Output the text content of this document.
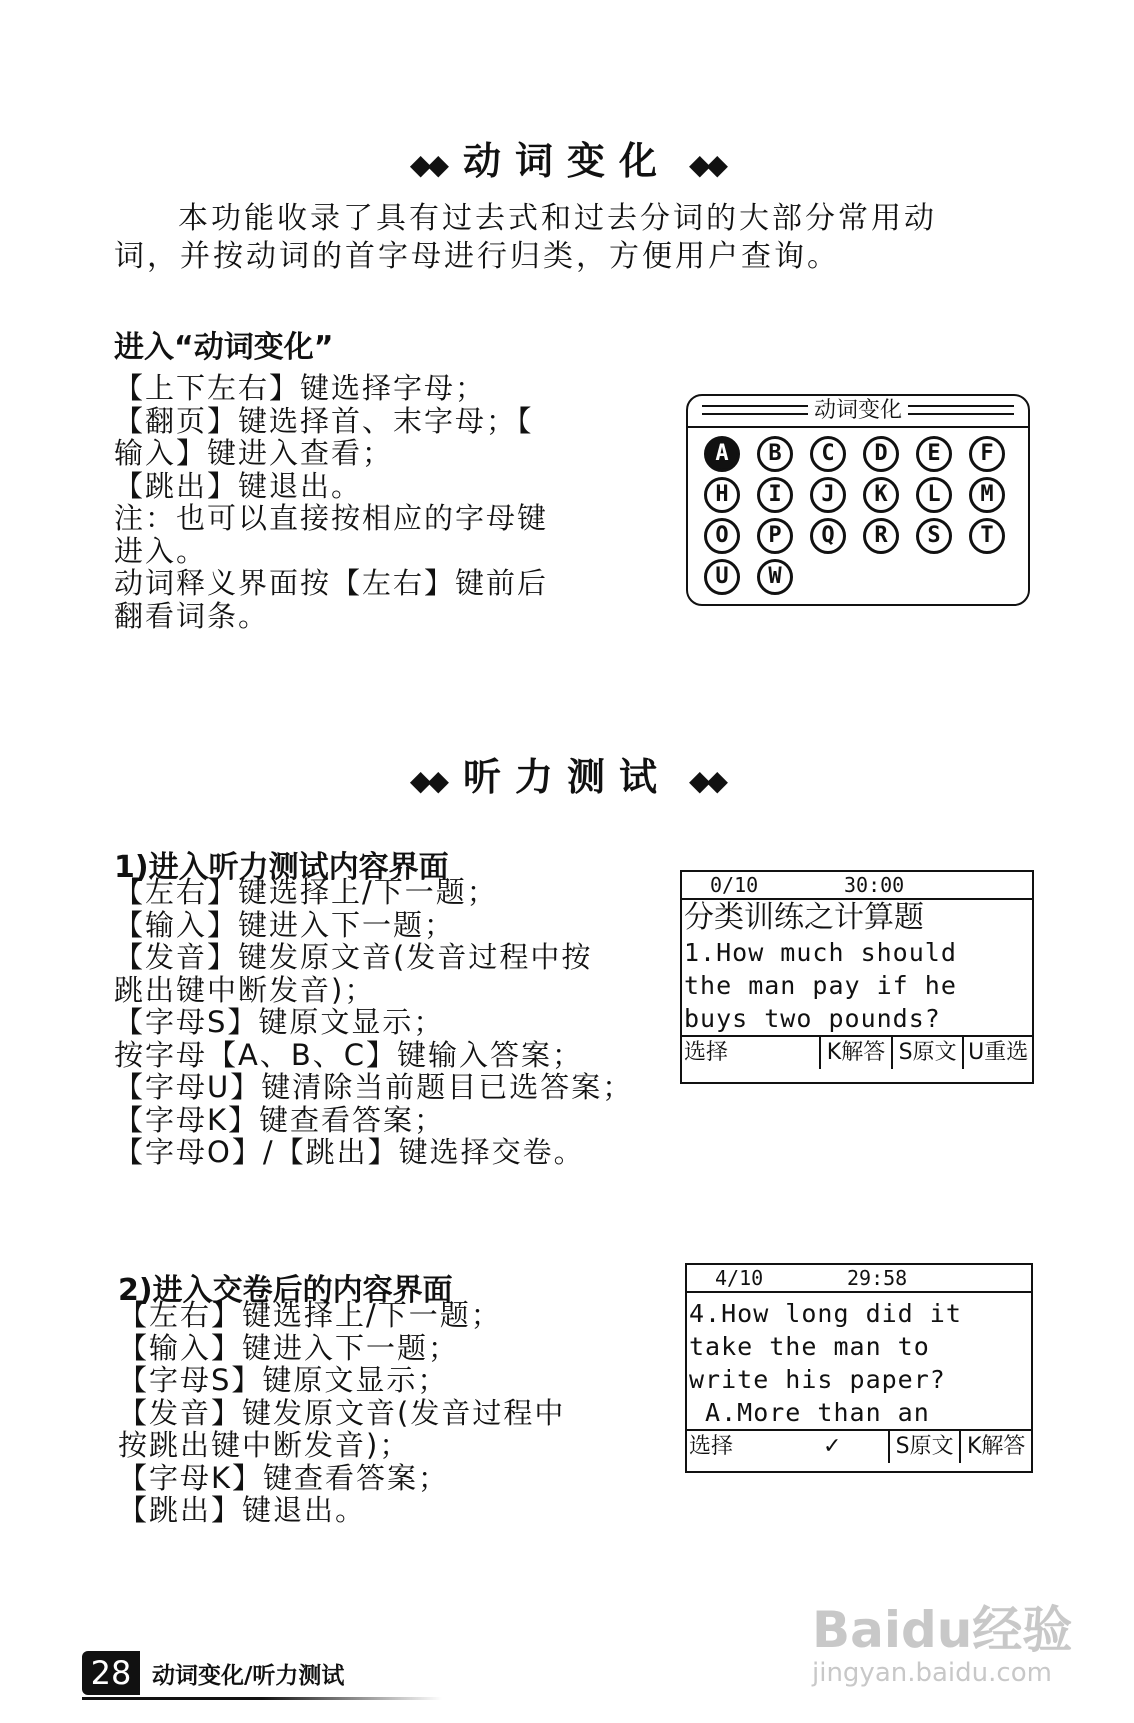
◆◆ 动词变化 ◆◆
本功能收录了具有过去式和过去分词的大部分常用动
词，并按动词的首字母进行归类，方便用户查询。
进入“动词变化”
【上下左右】键选择字母；
【翻页】键选择首、末字母；【
输入】键进入查看；
【跳出】键退出。
注：也可以直接按相应的字母键
进入。
动词释义界面按【左右】键前后
翻看词条。
动词变化
A	B	C	D	E	F
H	I	J	K	L	M
O	P	Q	R	S	T
U	W
◆◆ 听力测试 ◆◆
1)进入听力测试内容界面
【左右】键选择上/下一题；
【输入】键进入下一题；
【发音】键发原文音(发音过程中按
跳出键中断发音)；
【字母S】键原文显示；
按字母【A、B、C】键输入答案；
【字母U】键清除当前题目已选答案；
【字母K】键查看答案；
【字母O】/【跳出】键选择交卷。
0/10	30:00
分类训练之计算题
1.How much should
the man pay if he
buys two pounds?
选择	K解答 S原文 U重选
2)进入交卷后的内容界面
【左右】键选择上/下一题；
【输入】键进入下一题；
【字母S】键原文显示；
【发音】键发原文音(发音过程中
按跳出键中断发音)；
【字母K】键查看答案；
【跳出】键退出。
4/10	29:58
4.How long did it
take the man to
write his paper?
A.More than an
选择	✓ S原文 K解答
Baidu经验
jingyan.baidu.com
28 动词变化/听力测试
